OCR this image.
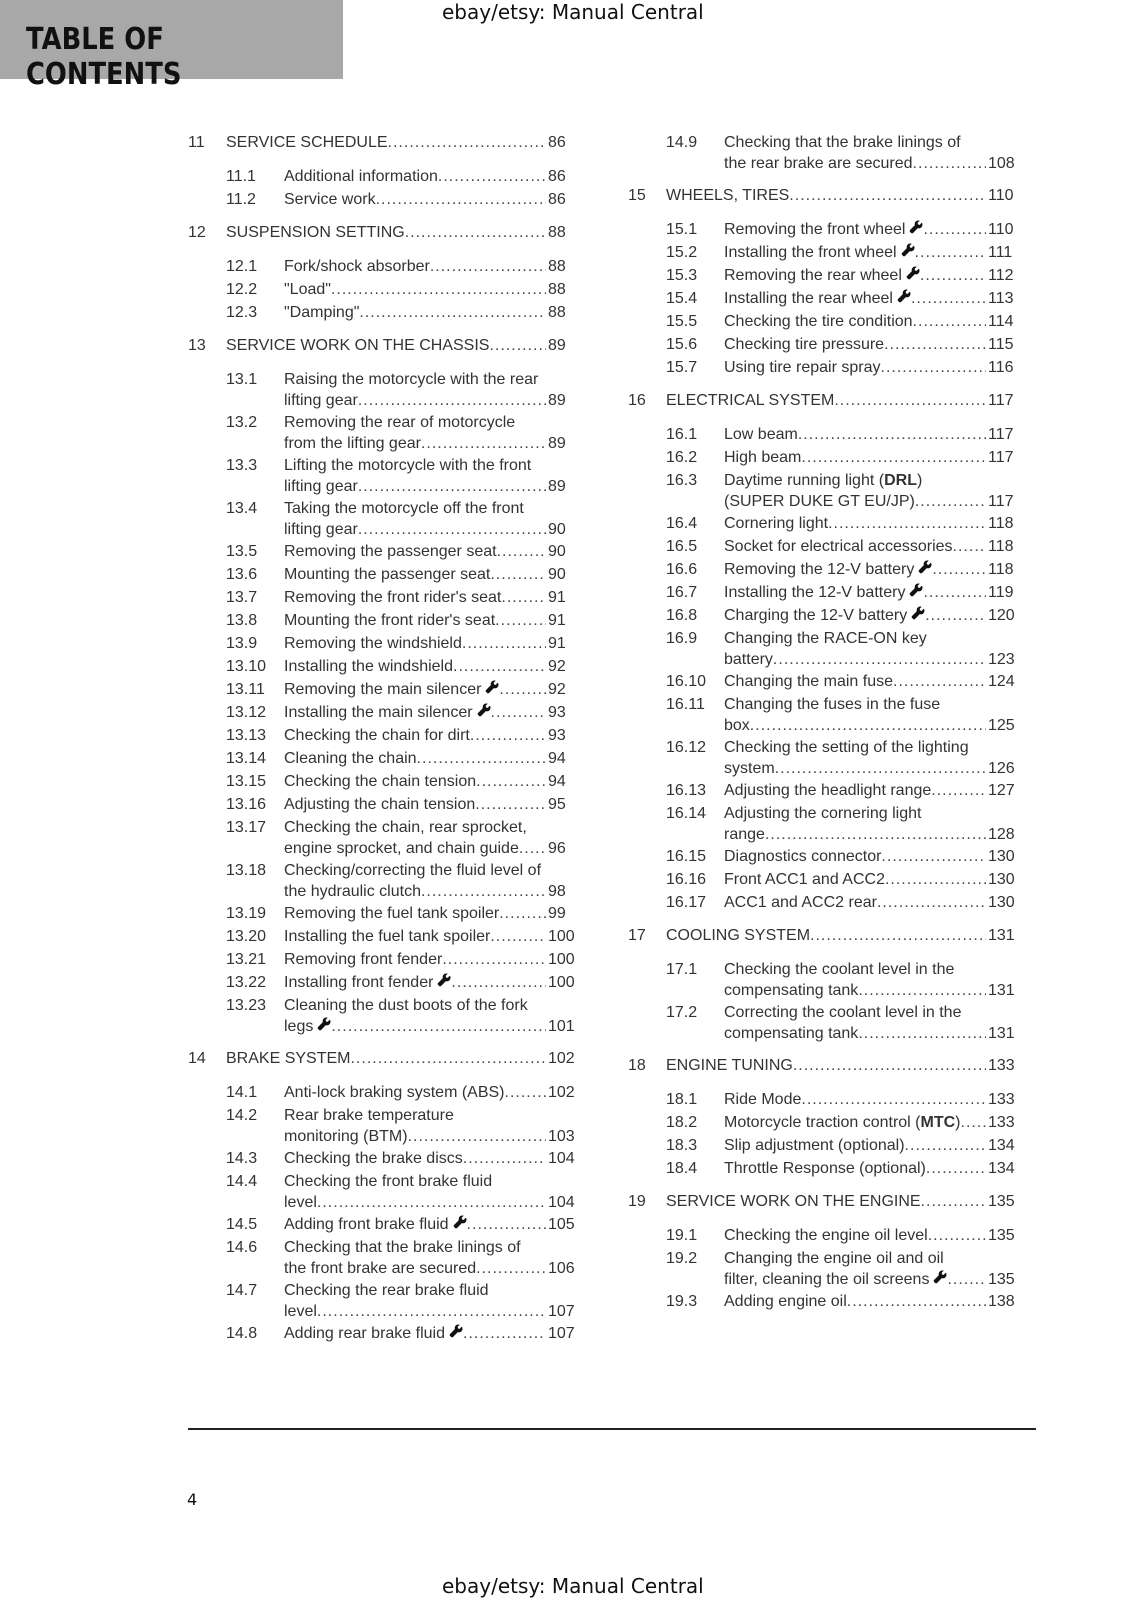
TABLE OF CONTENTS
ebay/etsy: Manual Central
11 SERVICE SCHEDULE .....	86
11.1 Additional information .....	86
11.2 Service work .....	86
12 SUSPENSION SETTING .....	88
12.1 Fork/shock absorber .....	88
12.2 "Load" .....	88
12.3 "Damping" .....	88
13 SERVICE WORK ON THE CHASSIS .....	89
13.1 Raising the motorcycle with the rear
lifting gear .....	89
13.2 Removing the rear of motorcycle
from the lifting gear .....	89
13.3 Lifting the motorcycle with the front
lifting gear .....	89
13.4 Taking the motorcycle off the front
lifting gear .....	90
13.5 Removing the passenger seat .....	90
13.6 Mounting the passenger seat .....	90
13.7 Removing the front rider's seat .....	91
13.8 Mounting the front rider's seat .....	91
13.9 Removing the windshield .....	91
13.10 Installing the windshield .....	92
13.11 Removing the main silencer .....	92
13.12 Installing the main silencer .....	93
13.13 Checking the chain for dirt .....	93
13.14 Cleaning the chain .....	94
13.15 Checking the chain tension .....	94
13.16 Adjusting the chain tension .....	95
13.17 Checking the chain, rear sprocket,
engine sprocket, and chain guide ..... 96
13.18 Checking/correcting the fluid level of
the hydraulic clutch .....	98
13.19 Removing the fuel tank spoiler .....	99
13.20 Installing the fuel tank spoiler .....	100
13.21 Removing front fender .....	100
13.22 Installing front fender .....	100
13.23 Cleaning the dust boots of the fork
legs .....	101
14 BRAKE SYSTEM .....	102
14.1 Anti-lock braking system (ABS) .....	102
14.2 Rear brake temperature
monitoring (BTM) .....	103
14.3 Checking the brake discs .....	104
14.4 Checking the front brake fluid
level .....	104
14.5 Adding front brake fluid .....	105
14.6 Checking that the brake linings of
the front brake are secured .....	106
14.7 Checking the rear brake fluid
level .....	107
14.8 Adding rear brake fluid .....	107
14.9 Checking that the brake linings of
the rear brake are secured .....	108
15 WHEELS, TIRES .....	110
15.1 Removing the front wheel .....	110
15.2 Installing the front wheel .....	111
15.3 Removing the rear wheel .....	112
15.4 Installing the rear wheel .....	113
15.5 Checking the tire condition .....	114
15.6 Checking tire pressure .....	115
15.7 Using tire repair spray .....	116
16 ELECTRICAL SYSTEM .....	117
16.1 Low beam .....	117
16.2 High beam .....	117
16.3 Daytime running light (DRL)
(SUPER DUKE GT EU/JP) .....	117
16.4 Cornering light .....	118
16.5 Socket for electrical accessories ..... 118
16.6 Removing the 12-V battery .....	118
16.7 Installing the 12-V battery .....	119
16.8 Charging the 12-V battery .....	120
16.9 Changing the RACE-ON key
battery .....	123
16.10 Changing the main fuse .....	124
16.11 Changing the fuses in the fuse
box .....	125
16.12 Checking the setting of the lighting
system .....	126
16.13 Adjusting the headlight range .....	127
16.14 Adjusting the cornering light
range .....	128
16.15 Diagnostics connector .....	130
16.16 Front ACC1 and ACC2 .....	130
16.17 ACC1 and ACC2 rear .....	130
17 COOLING SYSTEM .....	131
17.1 Checking the coolant level in the
compensating tank .....	131
17.2 Correcting the coolant level in the
compensating tank .....	131
18 ENGINE TUNING .....	133
18.1 Ride Mode .....	133
18.2 Motorcycle traction control (MTC) ..... 133
18.3 Slip adjustment (optional) .....	134
18.4 Throttle Response (optional) .....	134
19 SERVICE WORK ON THE ENGINE .....	135
19.1 Checking the engine oil level .....	135
19.2 Changing the engine oil and oil
filter, cleaning the oil screens .....	135
19.3 Adding engine oil .....	138
4
ebay/etsy: Manual Central
